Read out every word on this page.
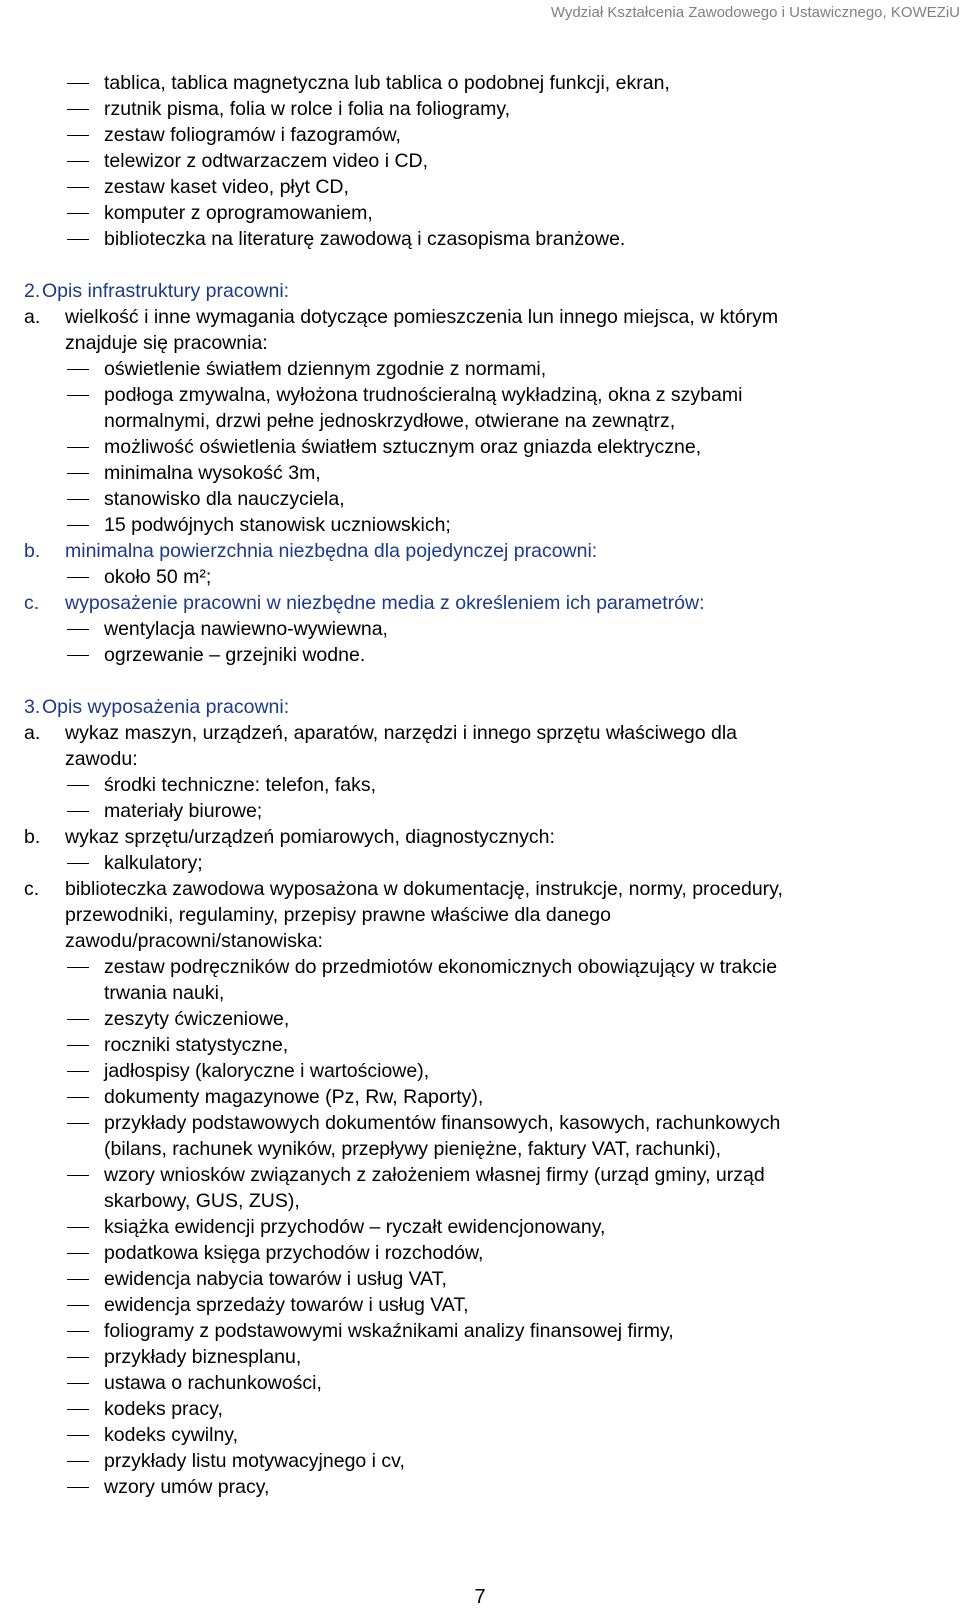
Wydział Kształcenia Zawodowego i Ustawicznego, KOWEZiU
tablica, tablica magnetyczna lub tablica o podobnej funkcji, ekran,
rzutnik pisma, folia w rolce i folia na foliogramy,
zestaw foliogramów i fazogramów,
telewizor z odtwarzaczem video i CD,
zestaw kaset video, płyt CD,
komputer z oprogramowaniem,
biblioteczka na literaturę zawodową i czasopisma branżowe.
2. Opis infrastruktury pracowni:
a. wielkość i inne wymagania dotyczące pomieszczenia lun innego miejsca, w którym
znajduje się pracownia:
oświetlenie światłem dziennym zgodnie z normami,
podłoga zmywalna, wyłożona trudnościeralną wykładziną, okna z szybami
normalnymi, drzwi pełne jednoskrzydłowe, otwierane na zewnątrz,
możliwość oświetlenia światłem sztucznym oraz gniazda elektryczne,
minimalna wysokość 3m,
stanowisko dla nauczyciela,
15 podwójnych stanowisk uczniowskich;
b. minimalna powierzchnia niezbędna dla pojedynczej pracowni:
około 50 m²;
c. wyposażenie pracowni w niezbędne media z określeniem ich parametrów:
wentylacja nawiewno-wywiewna,
ogrzewanie – grzejniki wodne.
3. Opis wyposażenia pracowni:
a. wykaz maszyn, urządzeń, aparatów, narzędzi i innego sprzętu właściwego dla
zawodu:
środki techniczne: telefon, faks,
materiały biurowe;
b. wykaz sprzętu/urządzeń pomiarowych, diagnostycznych:
kalkulatory;
c. biblioteczka zawodowa wyposażona w dokumentację, instrukcje, normy, procedury,
przewodniki, regulaminy, przepisy prawne właściwe dla danego
zawodu/pracowni/stanowiska:
zestaw podręczników do przedmiotów ekonomicznych obowiązujący w trakcie
trwania nauki,
zeszyty ćwiczeniowe,
roczniki statystyczne,
jadłospisy (kaloryczne i wartościowe),
dokumenty magazynowe (Pz, Rw, Raporty),
przykłady podstawowych dokumentów finansowych, kasowych, rachunkowych
(bilans, rachunek wyników, przepływy pieniężne, faktury VAT, rachunki),
wzory wniosków związanych z założeniem własnej firmy (urząd gminy, urząd
skarbowy, GUS, ZUS),
książka ewidencji przychodów – ryczałt ewidencjonowany,
podatkowa księga przychodów i rozchodów,
ewidencja nabycia towarów i usług VAT,
ewidencja sprzedaży towarów i usług VAT,
foliogramy z podstawowymi wskaźnikami analizy finansowej firmy,
przykłady biznesplanu,
ustawa o rachunkowości,
kodeks pracy,
kodeks cywilny,
przykłady listu motywacyjnego i cv,
wzory umów pracy,
7
